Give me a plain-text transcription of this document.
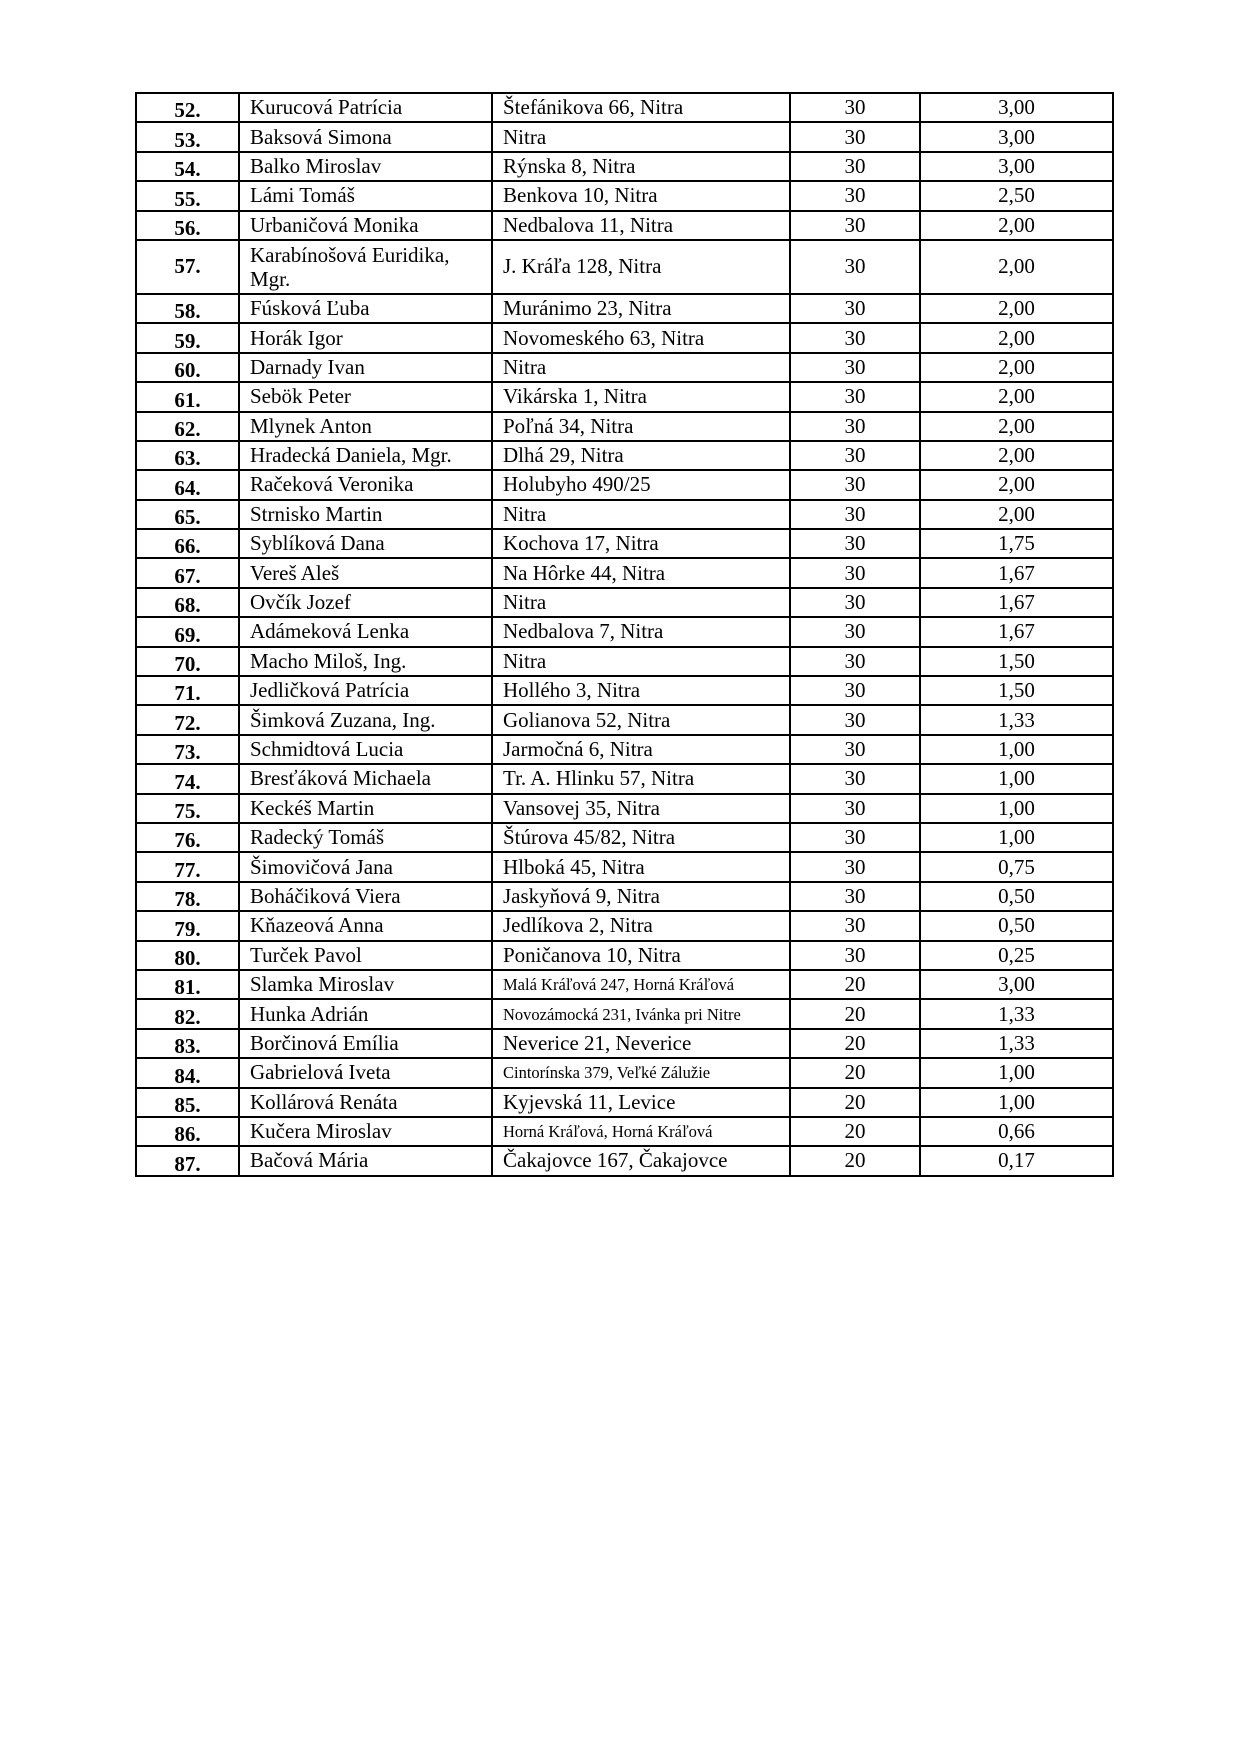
52.	Kurucová Patrícia	Štefánikova 66, Nitra	30	3,00
53.	Baksová Simona	Nitra	30	3,00
54.	Balko Miroslav	Rýnska 8, Nitra	30	3,00
55.	Lámi Tomáš	Benkova 10, Nitra	30	2,50
56.	Urbaničová Monika	Nedbalova 11, Nitra	30	2,00
57.	Karabínošová Euridika, Mgr.	J. Kráľa 128, Nitra	30	2,00
58.	Fúsková Ľuba	Muránimo 23, Nitra	30	2,00
59.	Horák Igor	Novomeského 63, Nitra	30	2,00
60.	Darnady Ivan	Nitra	30	2,00
61.	Sebök Peter	Vikárska 1, Nitra	30	2,00
62.	Mlynek Anton	Poľná 34, Nitra	30	2,00
63.	Hradecká Daniela, Mgr.	Dlhá 29, Nitra	30	2,00
64.	Račeková Veronika	Holubyho 490/25	30	2,00
65.	Strnisko Martin	Nitra	30	2,00
66.	Syblíková Dana	Kochova 17, Nitra	30	1,75
67.	Vereš Aleš	Na Hôrke 44, Nitra	30	1,67
68.	Ovčík Jozef	Nitra	30	1,67
69.	Adámeková Lenka	Nedbalova 7, Nitra	30	1,67
70.	Macho Miloš, Ing.	Nitra	30	1,50
71.	Jedličková Patrícia	Hollého 3, Nitra	30	1,50
72.	Šimková Zuzana, Ing.	Golianova 52, Nitra	30	1,33
73.	Schmidtová Lucia	Jarmočná 6, Nitra	30	1,00
74.	Bresťáková Michaela	Tr. A. Hlinku 57, Nitra	30	1,00
75.	Keckéš Martin	Vansovej 35, Nitra	30	1,00
76.	Radecký Tomáš	Štúrova 45/82, Nitra	30	1,00
77.	Šimovičová Jana	Hlboká 45, Nitra	30	0,75
78.	Boháčiková Viera	Jaskyňová 9, Nitra	30	0,50
79.	Kňazeová Anna	Jedlíkova 2, Nitra	30	0,50
80.	Turček Pavol	Poničanova 10, Nitra	30	0,25
81.	Slamka Miroslav	Malá Kráľová 247, Horná Kráľová	20	3,00
82.	Hunka Adrián	Novozámocká 231, Ivánka pri Nitre	20	1,33
83.	Borčinová Emília	Neverice 21, Neverice	20	1,33
84.	Gabrielová Iveta	Cintorínska 379, Veľké Zálužie	20	1,00
85.	Kollárová Renáta	Kyjevská 11, Levice	20	1,00
86.	Kučera Miroslav	Horná Kráľová, Horná Kráľová	20	0,66
87.	Bačová Mária	Čakajovce 167, Čakajovce	20	0,17
